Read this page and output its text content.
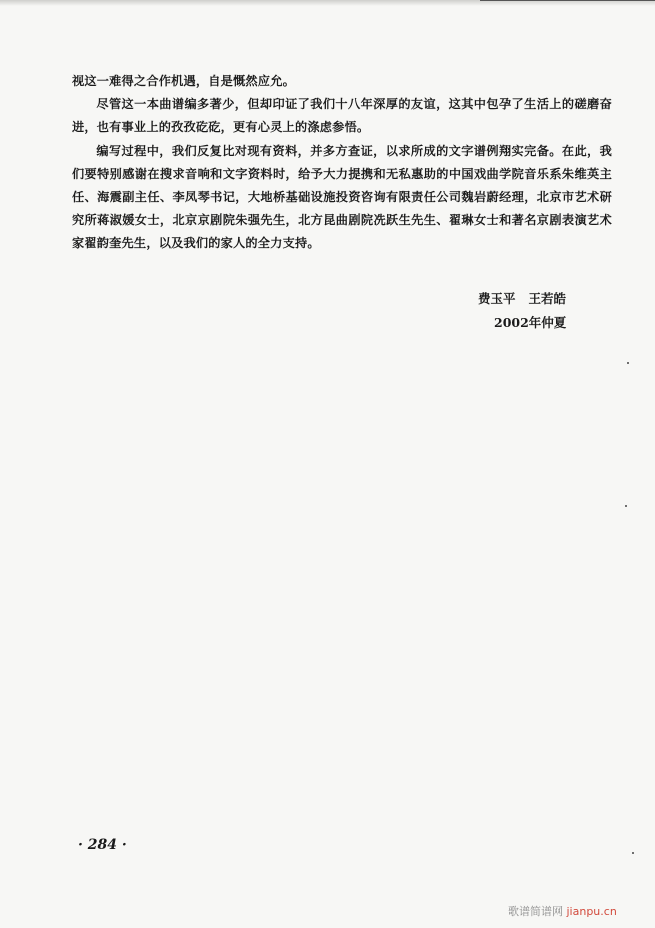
视这一难得之合作机遇，自是慨然应允。

尽管这一本曲谱编多著少，但却印证了我们十八年深厚的友谊，这其中包孕了生活上的磋磨奋进，也有事业上的孜孜矻矻，更有心灵上的涤虑参悟。

编写过程中，我们反复比对现有资料，并多方查证，以求所成的文字谱例翔实完备。在此，我们要特别感谢在搜求音响和文字资料时，给予大力提携和无私惠助的中国戏曲学院音乐系朱维英主任、海震副主任、李凤琴书记，大地桥基础设施投资咨询有限责任公司魏岩蔚经理，北京市艺术研究所蒋淑媛女士，北京京剧院朱强先生，北方昆曲剧院冼跃生先生、翟琳女士和著名京剧表演艺术家翟韵奎先生，以及我们的家人的全力支持。

费玉平   王若皓
2002年仲夏
· 284 ·
歌谱简谱网 jianpu.cn
